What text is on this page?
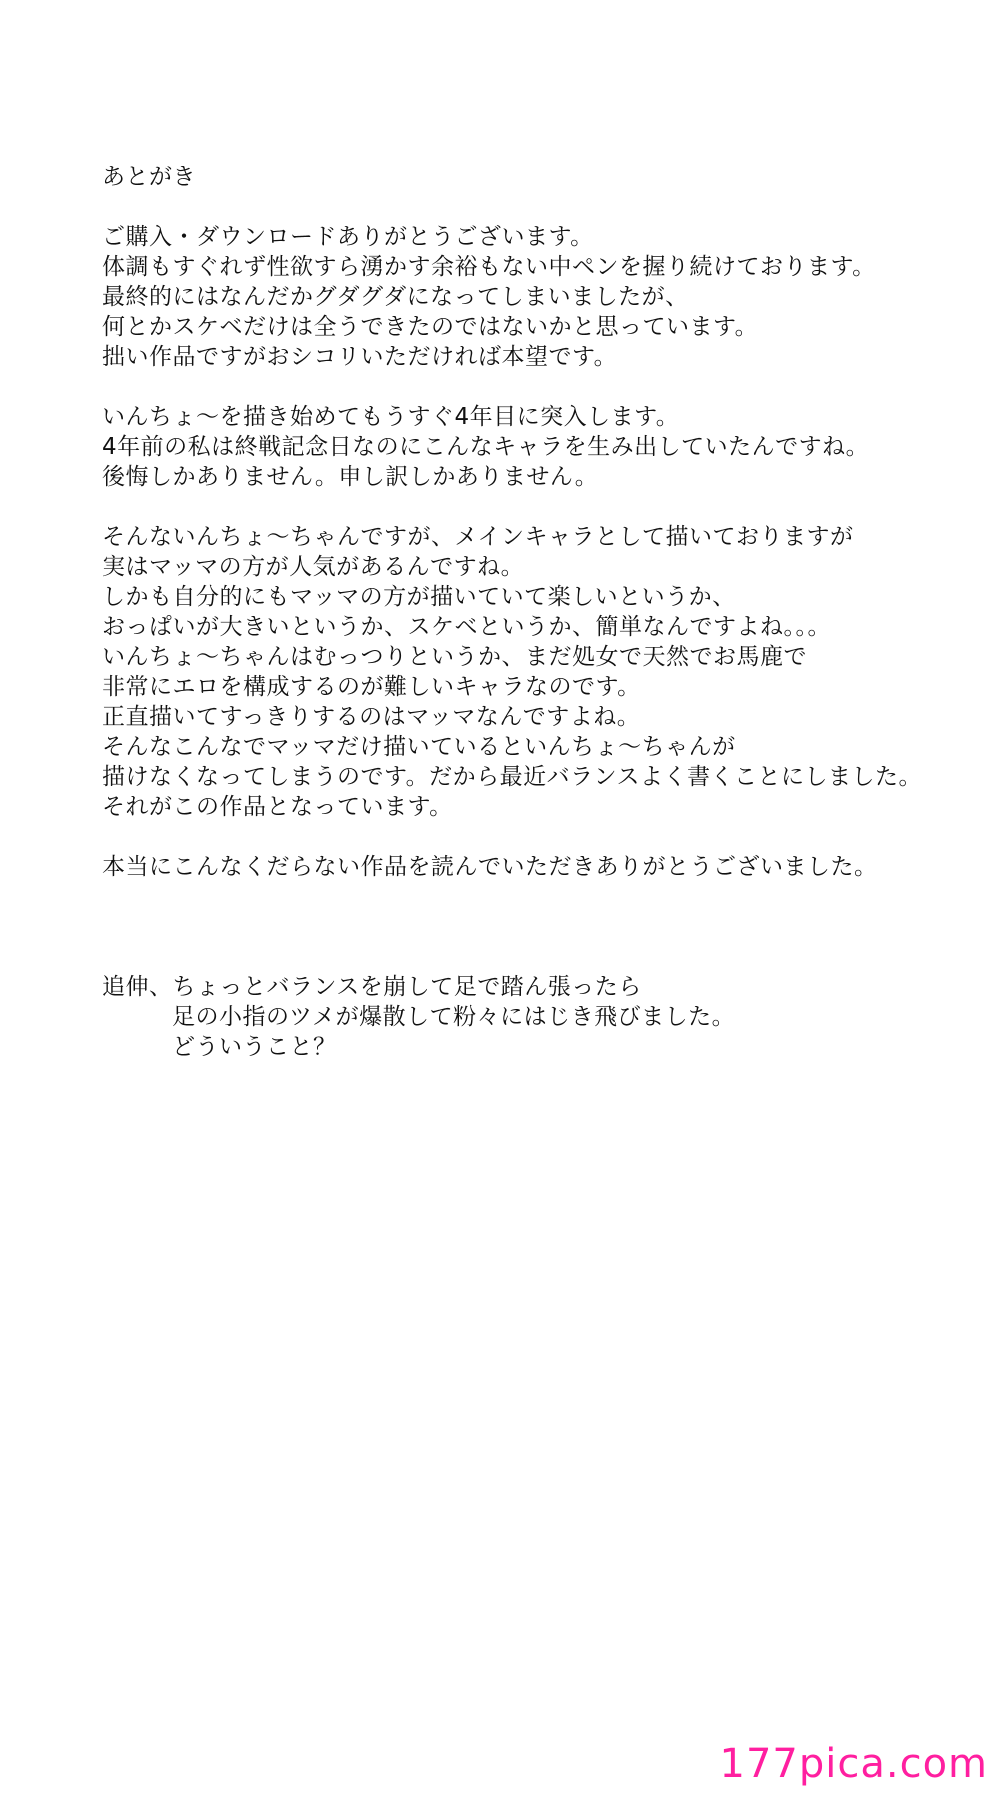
あとがき
ご購入・ダウンロードありがとうございます。
体調もすぐれず性欲すら湧かす余裕もない中ペンを握り続けております。
最終的にはなんだかグダグダになってしまいましたが、
何とかスケベだけは全うできたのではないかと思っています。
拙い作品ですがおシコリいただければ本望です。
いんちょ～を描き始めてもうすぐ4年目に突入します。
4年前の私は終戦記念日なのにこんなキャラを生み出していたんですね。
後悔しかありません。申し訳しかありません。
そんないんちょ～ちゃんですが、メインキャラとして描いておりますが
実はマッマの方が人気があるんですね。
しかも自分的にもマッマの方が描いていて楽しいというか、
おっぱいが大きいというか、スケベというか、簡単なんですよね。。。
いんちょ～ちゃんはむっつりというか、まだ処女で天然でお馬鹿で
非常にエロを構成するのが難しいキャラなのです。
正直描いてすっきりするのはマッマなんですよね。
そんなこんなでマッマだけ描いているといんちょ～ちゃんが
描けなくなってしまうのです。だから最近バランスよく書くことにしました。
それがこの作品となっています。
本当にこんなくだらない作品を読んでいただきありがとうございました。
追伸、ちょっとバランスを崩して足で踏ん張ったら
足の小指のツメが爆散して粉々にはじき飛びました。
どういうこと？
177pica.com
